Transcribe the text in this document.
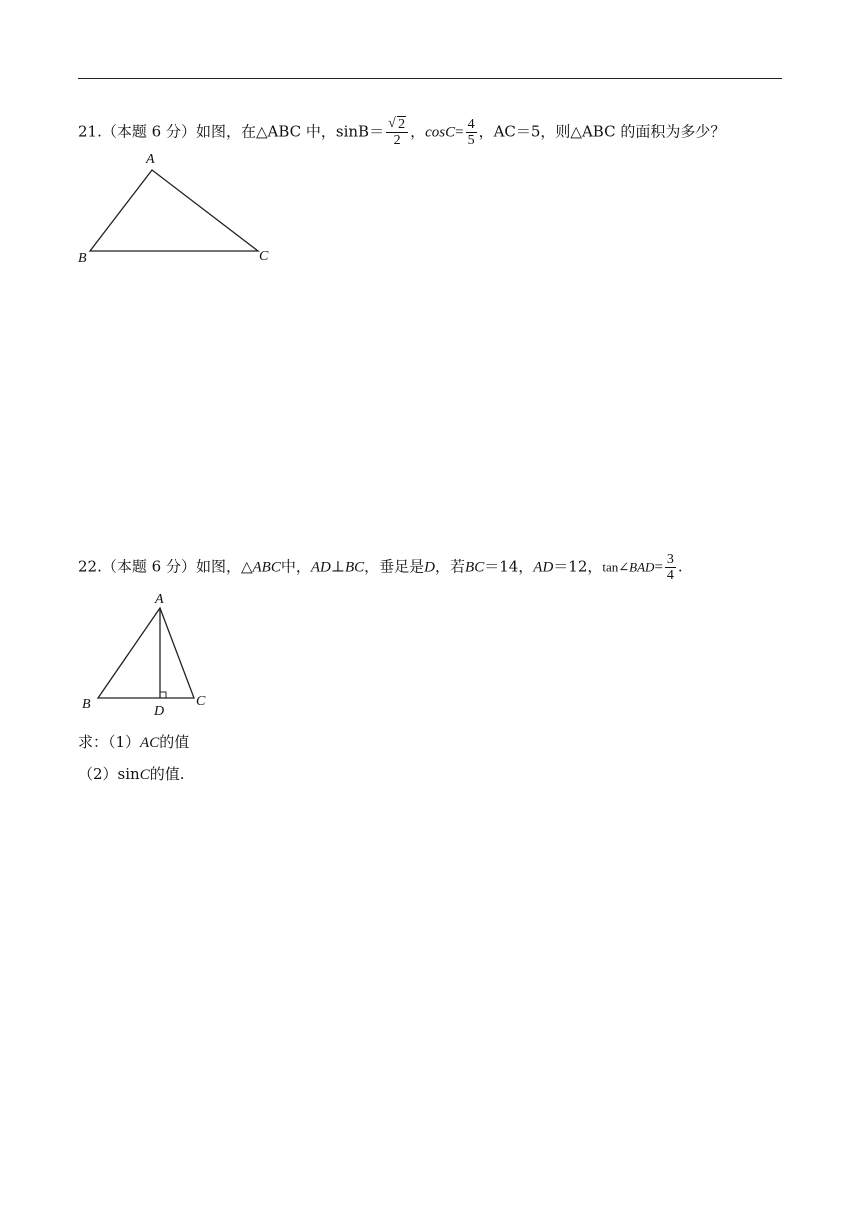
21.（本题 6 分）如图，在△ABC 中，$\sin B= \frac{√ 2}{2}$ ，$\cos C= \frac{4}{5}$ ，AC＝5，则△ABC 的面积为多少？
A
B	C
22.（本题 6 分）如图，△ABC中，AD⊥BC，垂足是D，若BC＝14，AD＝12，tan∠BAD= $\frac{3}{4}$ .
A
B	C
D
求：（1）AC的值
（2）sinC的值.
